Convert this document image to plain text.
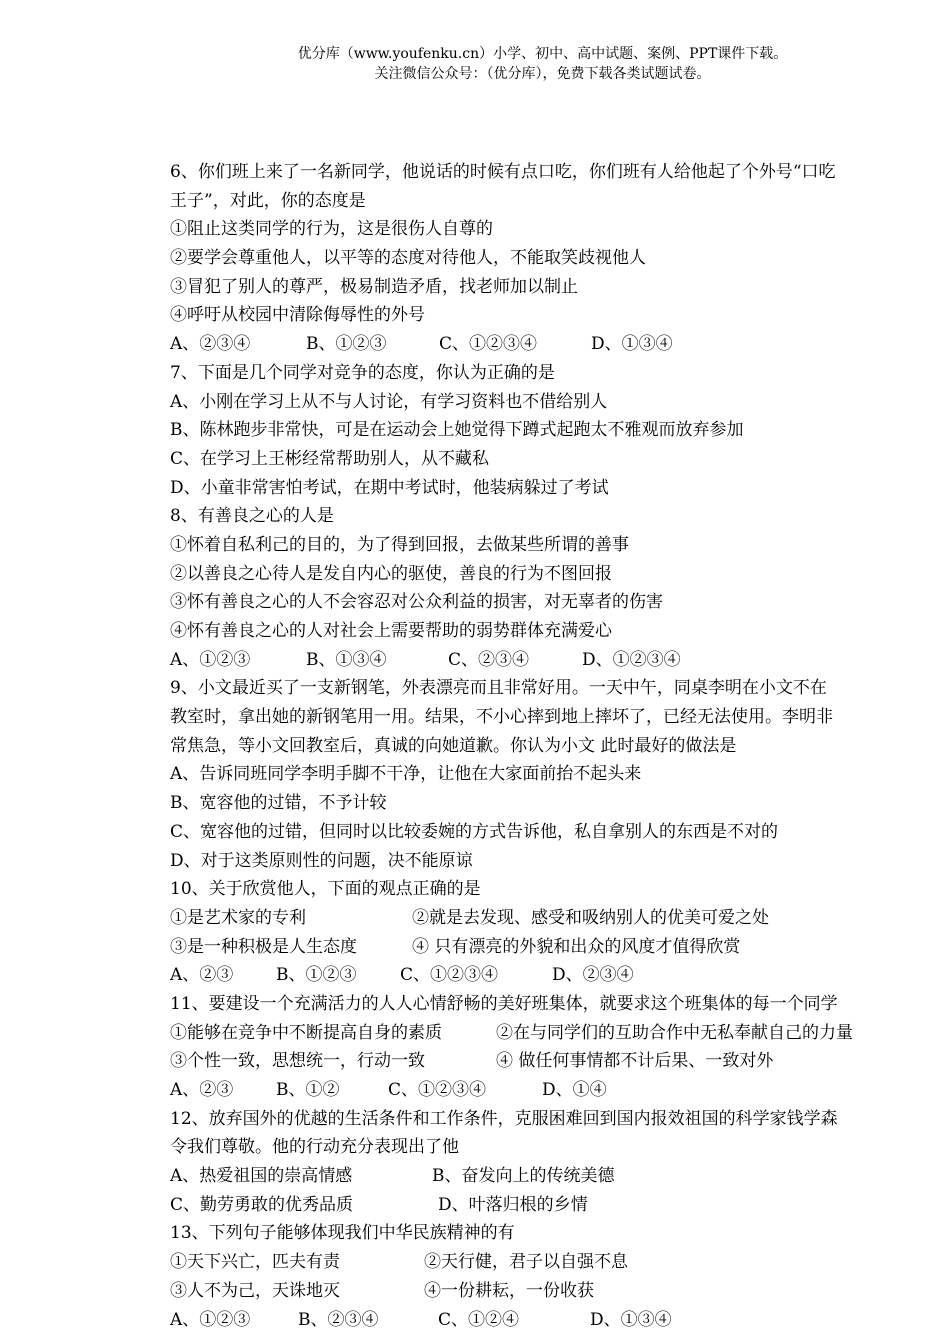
优分库（www.youfenku.cn）小学、初中、高中试题、案例、PPT课件下载。
关注微信公众号：（优分库），免费下载各类试题试卷。
6、你们班上来了一名新同学，他说话的时候有点口吃，你们班有人给他起了个外号“口吃
王子”，对此，你的态度是
①阻止这类同学的行为，这是很伤人自尊的
②要学会尊重他人，以平等的态度对待他人，不能取笑歧视他人
③冒犯了别人的尊严，极易制造矛盾，找老师加以制止
④呼吁从校园中清除侮辱性的外号
A、②③④	B、①②③	C、①②③④	D、①③④
7、下面是几个同学对竞争的态度，你认为正确的是
A、小刚在学习上从不与人讨论，有学习资料也不借给别人
B、陈林跑步非常快，可是在运动会上她觉得下蹲式起跑太不雅观而放弃参加
C、在学习上王彬经常帮助别人，从不藏私
D、小童非常害怕考试，在期中考试时，他装病躲过了考试
8、有善良之心的人是
①怀着自私利己的目的，为了得到回报，去做某些所谓的善事
②以善良之心待人是发自内心的驱使，善良的行为不图回报
③怀有善良之心的人不会容忍对公众利益的损害，对无辜者的伤害
④怀有善良之心的人对社会上需要帮助的弱势群体充满爱心
A、①②③	B、①③④	C、②③④	D、①②③④
9、小文最近买了一支新钢笔，外表漂亮而且非常好用。一天中午，同桌李明在小文不在
教室时，拿出她的新钢笔用一用。结果，不小心摔到地上摔坏了，已经无法使用。李明非
常焦急，等小文回教室后，真诚的向她道歉。你认为小文 此时最好的做法是
A、告诉同班同学李明手脚不干净，让他在大家面前抬不起头来
B、宽容他的过错，不予计较
C、宽容他的过错，但同时以比较委婉的方式告诉他，私自拿别人的东西是不对的
D、对于这类原则性的问题，决不能原谅
10、关于欣赏他人，下面的观点正确的是
①是艺术家的专利	②就是去发现、感受和吸纳别人的优美可爱之处
③是一种积极是人生态度	④ 只有漂亮的外貌和出众的风度才值得欣赏
A、②③	B、①②③	C、①②③④	D、②③④
11、要建设一个充满活力的人人心情舒畅的美好班集体，就要求这个班集体的每一个同学
①能够在竞争中不断提高自身的素质	②在与同学们的互助合作中无私奉献自己的力量
③个性一致，思想统一，行动一致	④ 做任何事情都不计后果、一致对外
A、②③	B、①②	C、①②③④	D、①④
12、放弃国外的优越的生活条件和工作条件，克服困难回到国内报效祖国的科学家钱学森
令我们尊敬。他的行动充分表现出了他
A、热爱祖国的崇高情感	B、奋发向上的传统美德
C、勤劳勇敢的优秀品质	D、叶落归根的乡情
13、下列句子能够体现我们中华民族精神的有
①天下兴亡，匹夫有责	②天行健，君子以自强不息
③人不为己，天诛地灭	④一份耕耘，一份收获
A、①②③	B、②③④	C、①②④	D、①③④
